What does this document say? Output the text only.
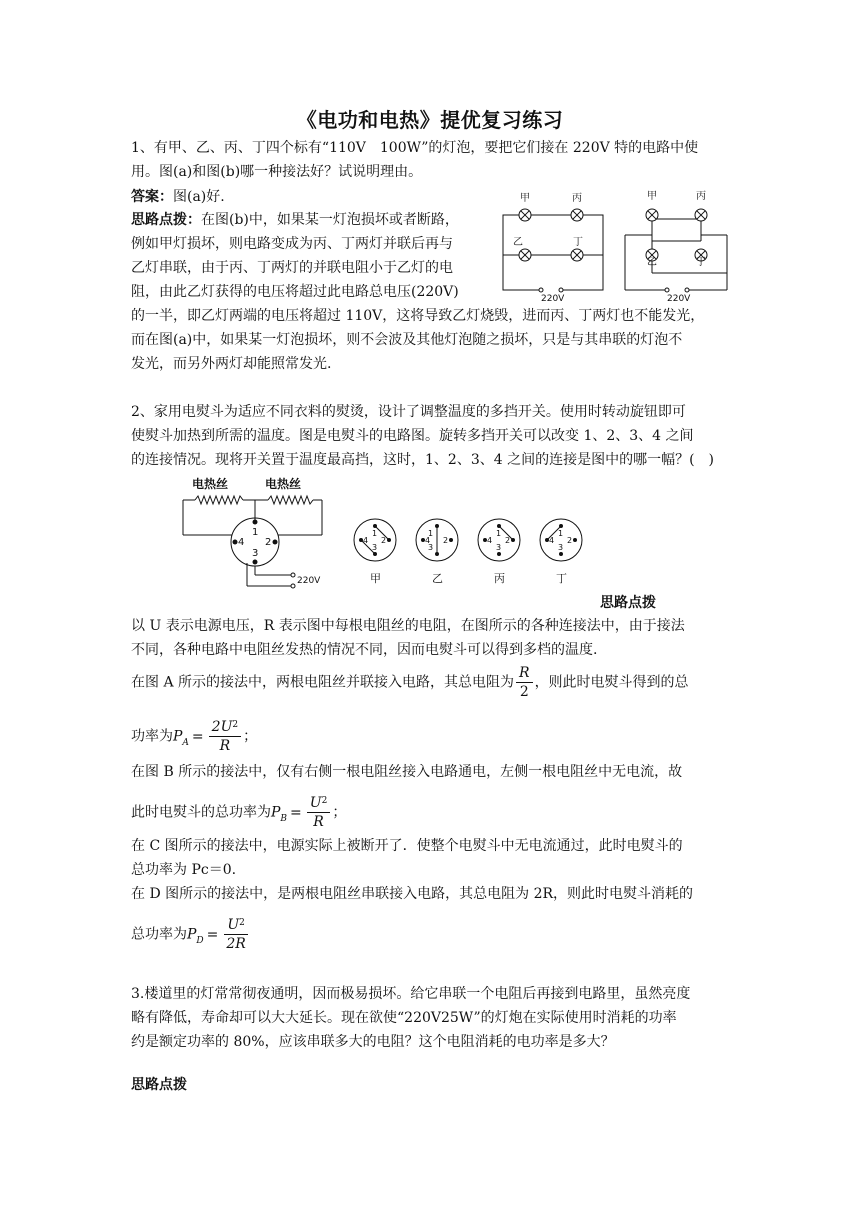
《电功和电热》提优复习练习
1、有甲、乙、丙、丁四个标有“110V　100W”的灯泡，要把它们接在 220V 特的电路中使
用。图(a)和图(b)哪一种接法好？试说明理由。
答案：图(a)好.
思路点拨：在图(b)中，如果某一灯泡损坏或者断路，
例如甲灯损坏，则电路变成为丙、丁两灯并联后再与
乙灯串联，由于丙、丁两灯的并联电阻小于乙灯的电
阻，由此乙灯获得的电压将超过此电路总电压(220V)
的一半，即乙灯两端的电压将超过 110V，这将导致乙灯烧毁，进而丙、丁两灯也不能发光，
而在图(a)中，如果某一灯泡损坏，则不会波及其他灯泡随之损坏，只是与其串联的灯泡不
发光，而另外两灯却能照常发光.
甲	丙
乙	丁
220V
甲	丙
乙	丁
220V
2、家用电熨斗为适应不同衣料的熨烫，设计了调整温度的多挡开关。使用时转动旋钮即可
使熨斗加热到所需的温度。图是电熨斗的电路图。旋转多挡开关可以改变 1、2、3、4 之间
的连接情况。现将开关置于温度最高挡，这时，1、2、3、4 之间的连接是图中的哪一幅？(　)
电热丝	电热丝
1
2
3
4
220V
1
2
3
4
1
2
3
4
1
2
3
4
1
2
3
4
甲	乙	丙	丁
思路点拨
以 U 表示电源电压，R 表示图中每根电阻丝的电阻，在图所示的各种连接法中，由于接法
不同，各种电路中电阻丝发热的情况不同，因而电熨斗可以得到多档的温度.
在图 A 所示的接法中，两根电阻丝并联接入电路，其总电阻为 $\frac{R}{2}$ ，则此时电熨斗得到的总
功率为$P_A = \frac{2U^2}{R}$ ；
在图 B 所示的接法中，仅有右侧一根电阻丝接入电路通电，左侧一根电阻丝中无电流，故
此时电熨斗的总功率为$P_B = \frac{U^2}{R}$ ；
在 C 图所示的接法中，电源实际上被断开了．使整个电熨斗中无电流通过，此时电熨斗的
总功率为 Pc＝0.
在 D 图所示的接法中，是两根电阻丝串联接入电路，其总电阻为 2R，则此时电熨斗消耗的
总功率为$P_D = \frac{U^2}{2R}$
3.楼道里的灯常常彻夜通明，因而极易损坏。给它串联一个电阻后再接到电路里，虽然亮度
略有降低，寿命却可以大大延长。现在欲使“220V25W”的灯炮在实际使用时消耗的功率
约是额定功率的 80%，应该串联多大的电阻？这个电阻消耗的电功率是多大？
思路点拨
